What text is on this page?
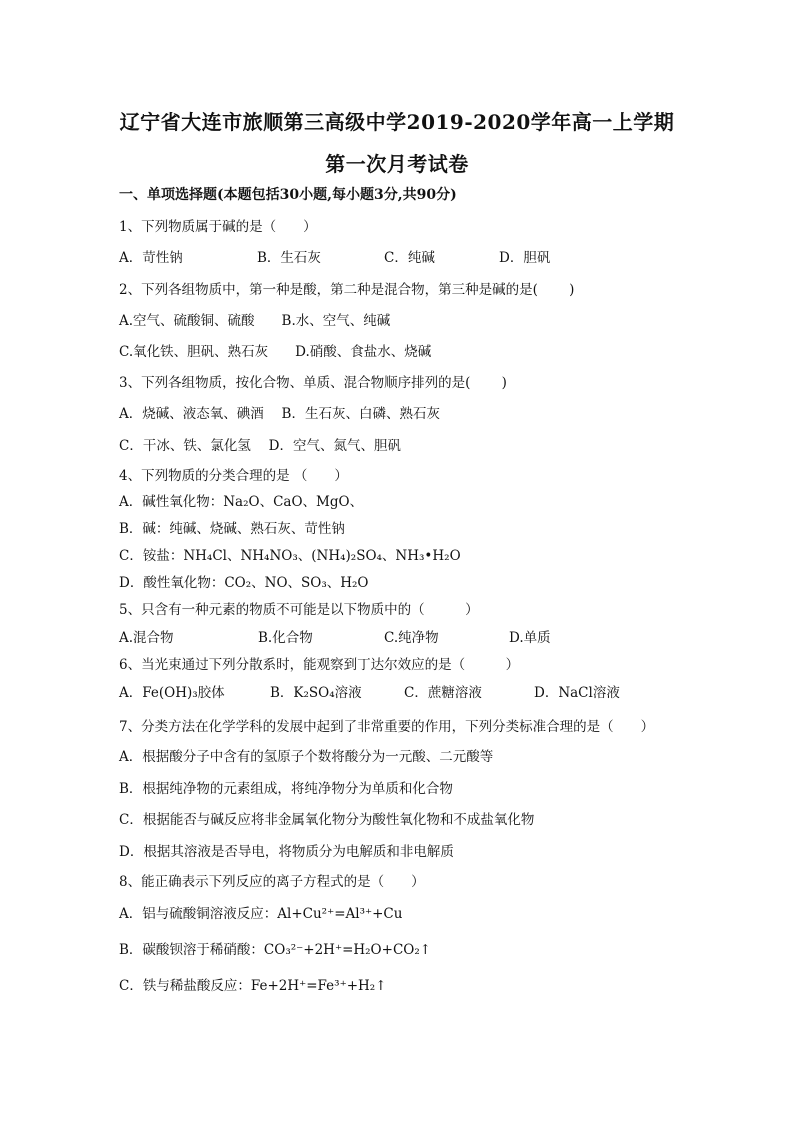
辽宁省大连市旅顺第三高级中学2019-2020学年高一上学期
第一次月考试卷
一、单项选择题(本题包括30小题,每小题3分,共90分)
1、下列物质属于碱的是（　　）
A．苛性钠	B．生石灰	C．纯碱	D．胆矾
2、下列各组物质中，第一种是酸，第二种是混合物，第三种是碱的是(　　 )
A.空气、硫酸铜、硫酸　　B.水、空气、纯碱
C.氧化铁、胆矾、熟石灰　　D.硝酸、食盐水、烧碱
3、下列各组物质，按化合物、单质、混合物顺序排列的是(　　 )
A．烧碱、液态氧、碘酒　 B．生石灰、白磷、熟石灰
C．干冰、铁、氯化氢　 D．空气、氮气、胆矾
4、下列物质的分类合理的是 （　　）
A．碱性氧化物：Na₂O、CaO、MgO、
B．碱：纯碱、烧碱、熟石灰、苛性钠
C．铵盐：NH₄Cl、NH₄NO₃、(NH₄)₂SO₄、NH₃•H₂O
D．酸性氧化物：CO₂、NO、SO₃、H₂O
5、只含有一种元素的物质不可能是以下物质中的（　　　）
A.混合物	B.化合物	C.纯净物	D.单质
6、当光束通过下列分散系时，能观察到丁达尔效应的是（　　　）
A．Fe(OH)₃胶体	B．K₂SO₄溶液	C．蔗糖溶液	D．NaCl溶液
7、分类方法在化学学科的发展中起到了非常重要的作用，下列分类标准合理的是（　　）
A．根据酸分子中含有的氢原子个数将酸分为一元酸、二元酸等
B．根据纯净物的元素组成，将纯净物分为单质和化合物
C．根据能否与碱反应将非金属氧化物分为酸性氧化物和不成盐氧化物
D．根据其溶液是否导电，将物质分为电解质和非电解质
8、能正确表示下列反应的离子方程式的是（　　）
A．铝与硫酸铜溶液反应：Al+Cu²⁺=Al³⁺+Cu
B．碳酸钡溶于稀硝酸：CO₃²⁻+2H⁺=H₂O+CO₂↑
C．铁与稀盐酸反应：Fe+2H⁺=Fe³⁺+H₂↑
